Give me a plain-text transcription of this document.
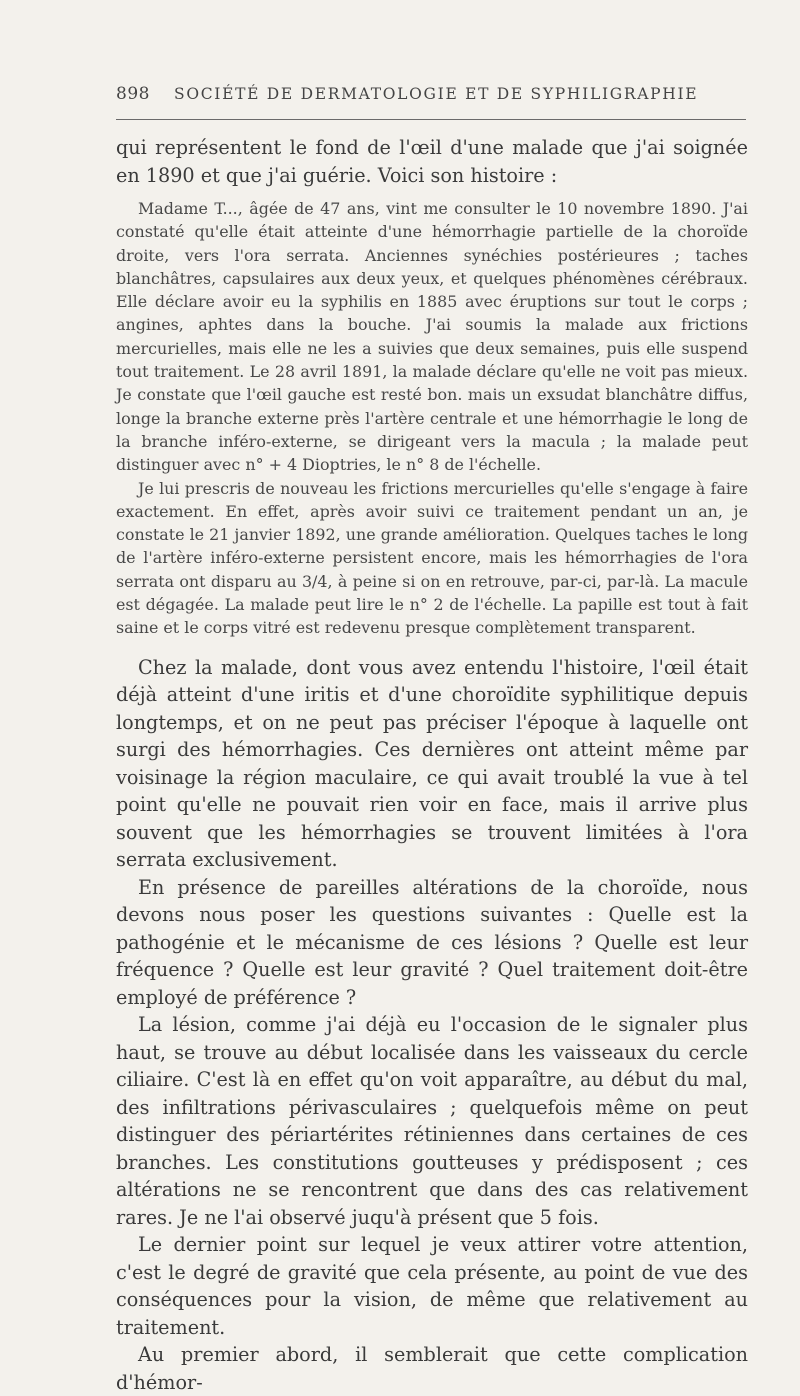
898 SOCIÉTÉ DE DERMATOLOGIE ET DE SYPHILIGRAPHIE

qui représentent le fond de l'œil d'une malade que j'ai soignée en 1890 et que j'ai guérie. Voici son histoire :

Madame T..., âgée de 47 ans, vint me consulter le 10 novembre 1890. J'ai constaté qu'elle était atteinte d'une hémorrhagie partielle de la choroïde droite, vers l'ora serrata. Anciennes synéchies postérieures ; taches blanchâtres, capsulaires aux deux yeux, et quelques phénomènes cérébraux. Elle déclare avoir eu la syphilis en 1885 avec éruptions sur tout le corps ; angines, aphtes dans la bouche. J'ai soumis la malade aux frictions mercurielles, mais elle ne les a suivies que deux semaines, puis elle suspend tout traitement. Le 28 avril 1891, la malade déclare qu'elle ne voit pas mieux. Je constate que l'œil gauche est resté bon. mais un exsudat blanchâtre diffus, longe la branche externe près l'artère centrale et une hémorrhagie le long de la branche inféro-externe, se dirigeant vers la macula ; la malade peut distinguer avec n° + 4 Dioptries, le n° 8 de l'échelle.

Je lui prescris de nouveau les frictions mercurielles qu'elle s'engage à faire exactement. En effet, après avoir suivi ce traitement pendant un an, je constate le 21 janvier 1892, une grande amélioration. Quelques taches le long de l'artère inféro-externe persistent encore, mais les hémorrhagies de l'ora serrata ont disparu au 3/4, à peine si on en retrouve, par-ci, par-là. La macule est dégagée. La malade peut lire le n° 2 de l'échelle. La papille est tout à fait saine et le corps vitré est redevenu presque complètement transparent.

Chez la malade, dont vous avez entendu l'histoire, l'œil était déjà atteint d'une iritis et d'une choroïdite syphilitique depuis longtemps, et on ne peut pas préciser l'époque à laquelle ont surgi des hémorrhagies. Ces dernières ont atteint même par voisinage la région maculaire, ce qui avait troublé la vue à tel point qu'elle ne pouvait rien voir en face, mais il arrive plus souvent que les hémorrhagies se trouvent limitées à l'ora serrata exclusivement.

En présence de pareilles altérations de la choroïde, nous devons nous poser les questions suivantes : Quelle est la pathogénie et le mécanisme de ces lésions ? Quelle est leur fréquence ? Quelle est leur gravité ? Quel traitement doit-être employé de préférence ?

La lésion, comme j'ai déjà eu l'occasion de le signaler plus haut, se trouve au début localisée dans les vaisseaux du cercle ciliaire. C'est là en effet qu'on voit apparaître, au début du mal, des infiltrations périvasculaires ; quelquefois même on peut distinguer des périartérites rétiniennes dans certaines de ces branches. Les constitutions goutteuses y prédisposent ; ces altérations ne se rencontrent que dans des cas relativement rares. Je ne l'ai observé juqu'à présent que 5 fois.

Le dernier point sur lequel je veux attirer votre attention, c'est le degré de gravité que cela présente, au point de vue des conséquences pour la vision, de même que relativement au traitement.

Au premier abord, il semblerait que cette complication d'hémor-
